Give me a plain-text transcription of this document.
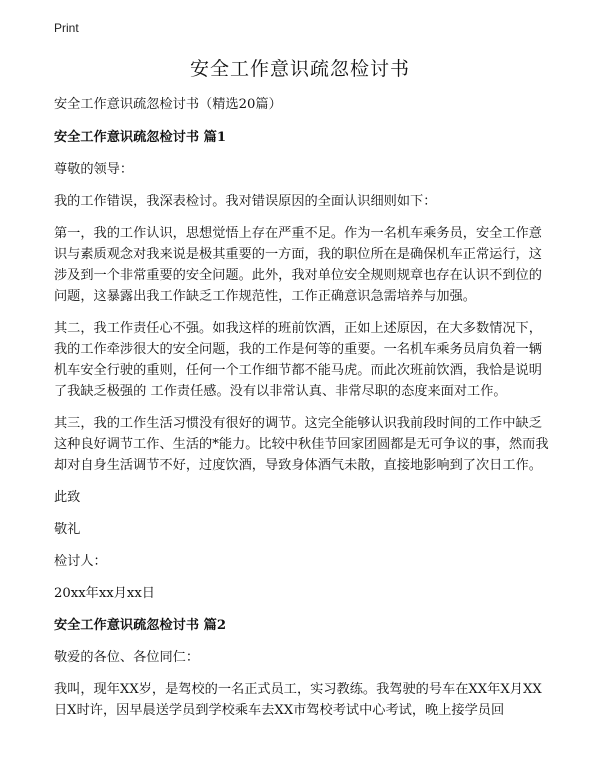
Print
安全工作意识疏忽检讨书

安全工作意识疏忽检讨书（精选20篇）

安全工作意识疏忽检讨书 篇1

尊敬的领导：

我的工作错误，我深表检讨。我对错误原因的全面认识细则如下：

第一，我的工作认识，思想觉悟上存在严重不足。作为一名机车乘务员，安全工作意识与素质观念对我来说是极其重要的一方面，我的职位所在是确保机车正常运行，这涉及到一个非常重要的安全问题。此外，我对单位安全规则规章也存在认识不到位的问题，这暴露出我工作缺乏工作规范性，工作正确意识急需培养与加强。

其二，我工作责任心不强。如我这样的班前饮酒，正如上述原因，在大多数情况下，我的工作牵涉很大的安全问题，我的工作是何等的重要。一名机车乘务员肩负着一辆机车安全行驶的重则，任何一个工作细节都不能马虎。而此次班前饮酒，我恰是说明了我缺乏极强的 工作责任感。没有以非常认真、非常尽职的态度来面对工作。

其三，我的工作生活习惯没有很好的调节。这完全能够认识我前段时间的工作中缺乏这种良好调节工作、生活的*能力。比较中秋佳节回家团圆都是无可争议的事，然而我却对自身生活调节不好，过度饮酒，导致身体酒气未散，直接地影响到了次日工作。

此致

敬礼

检讨人：

20xx年xx月xx日

安全工作意识疏忽检讨书 篇2

敬爱的各位、各位同仁：

我叫，现年XX岁，是驾校的一名正式员工，实习教练。我驾驶的号车在XX年X月XX日X时许，因早晨送学员到学校乘车去XX市驾校考试中心考试，晚上接学员回
